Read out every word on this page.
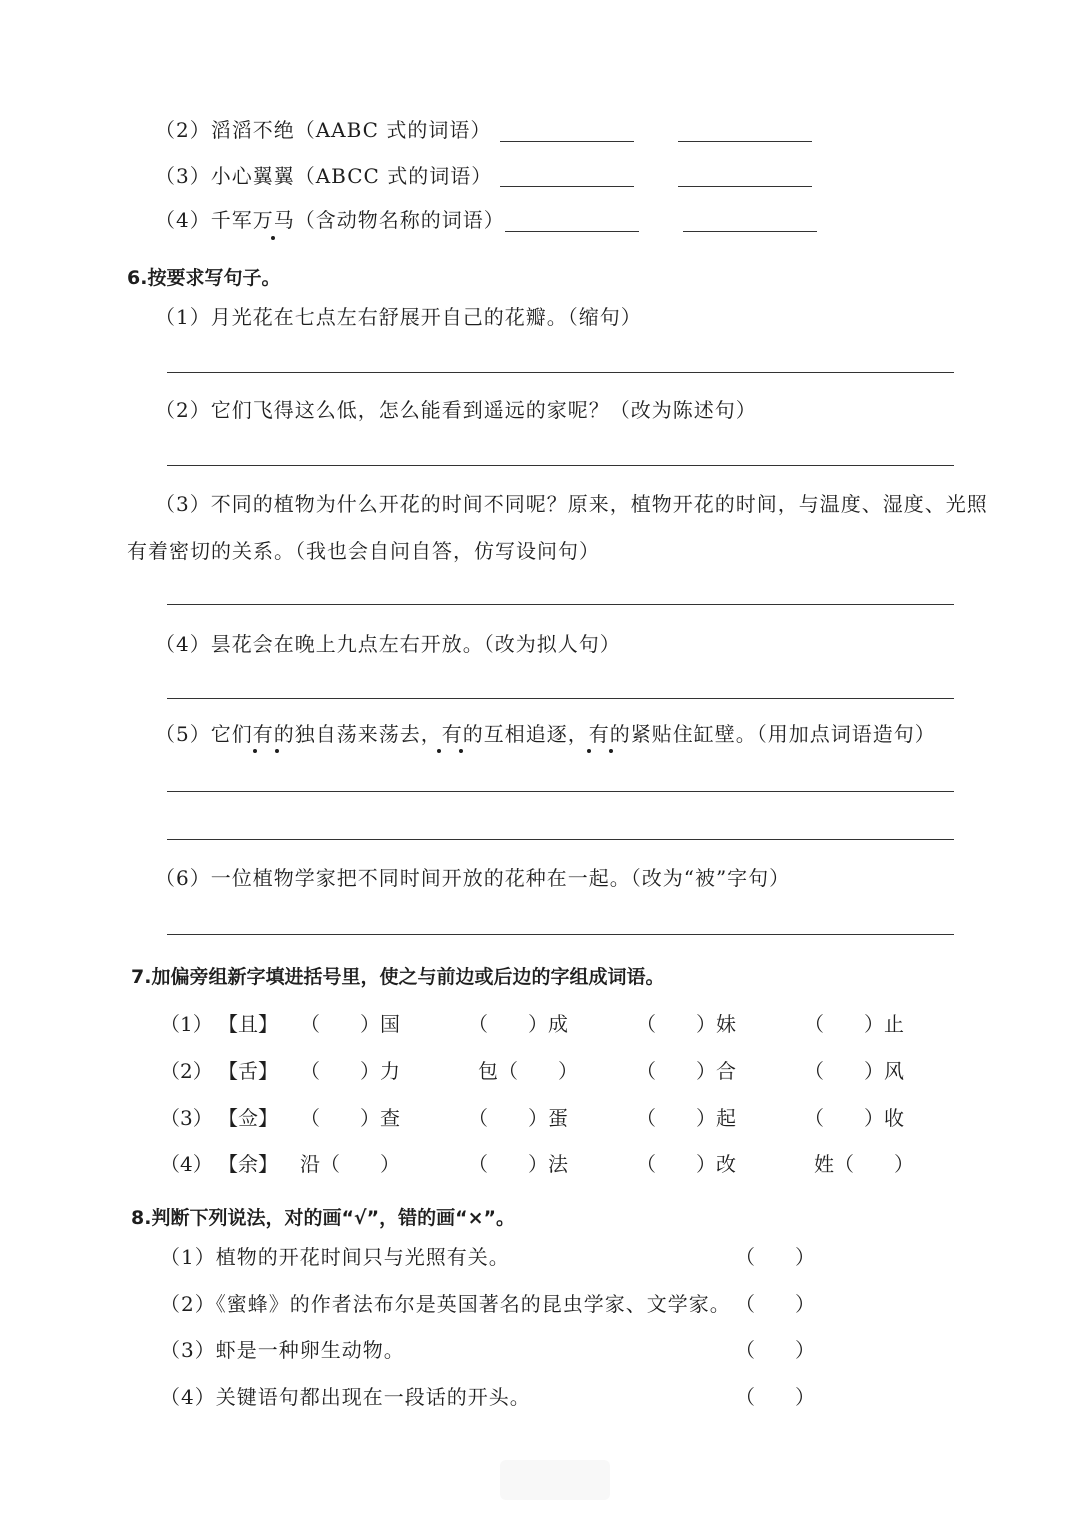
（2）滔滔不绝（AABC 式的词语）
（3）小心翼翼（ABCC 式的词语）
（4）千军万马（含动物名称的词语）
6.按要求写句子。
（1）月光花在七点左右舒展开自己的花瓣。（缩句）
（2）它们飞得这么低，怎么能看到遥远的家呢？（改为陈述句）
（3）不同的植物为什么开花的时间不同呢？原来，植物开花的时间，与温度、湿度、光照
有着密切的关系。（我也会自问自答，仿写设问句）
（4）昙花会在晚上九点左右开放。（改为拟人句）
（5）它们有的独自荡来荡去，有的互相追逐，有的紧贴住缸壁。（用加点词语造句）
（6）一位植物学家把不同时间开放的花种在一起。（改为“被”字句）
7.加偏旁组新字填进括号里，使之与前边或后边的字组成词语。
（1） 【且】 （　　）国	（　　）成	（　　）妹	（　　）止
（2） 【舌】 （　　）力	包（　　）	（　　）合	（　　）风
（3） 【佥】 （　　）查	（　　）蛋	（　　）起	（　　）收
（4） 【余】 沿（　　）	（　　）法	（　　）改	姓（　　）
8.判断下列说法，对的画“√”，错的画“×”。
（1）植物的开花时间只与光照有关。	（　　）
（2）《蜜蜂》的作者法布尔是英国著名的昆虫学家、文学家。 （　　）
（3）虾是一种卵生动物。	（　　）
（4）关键语句都出现在一段话的开头。	（　　）
